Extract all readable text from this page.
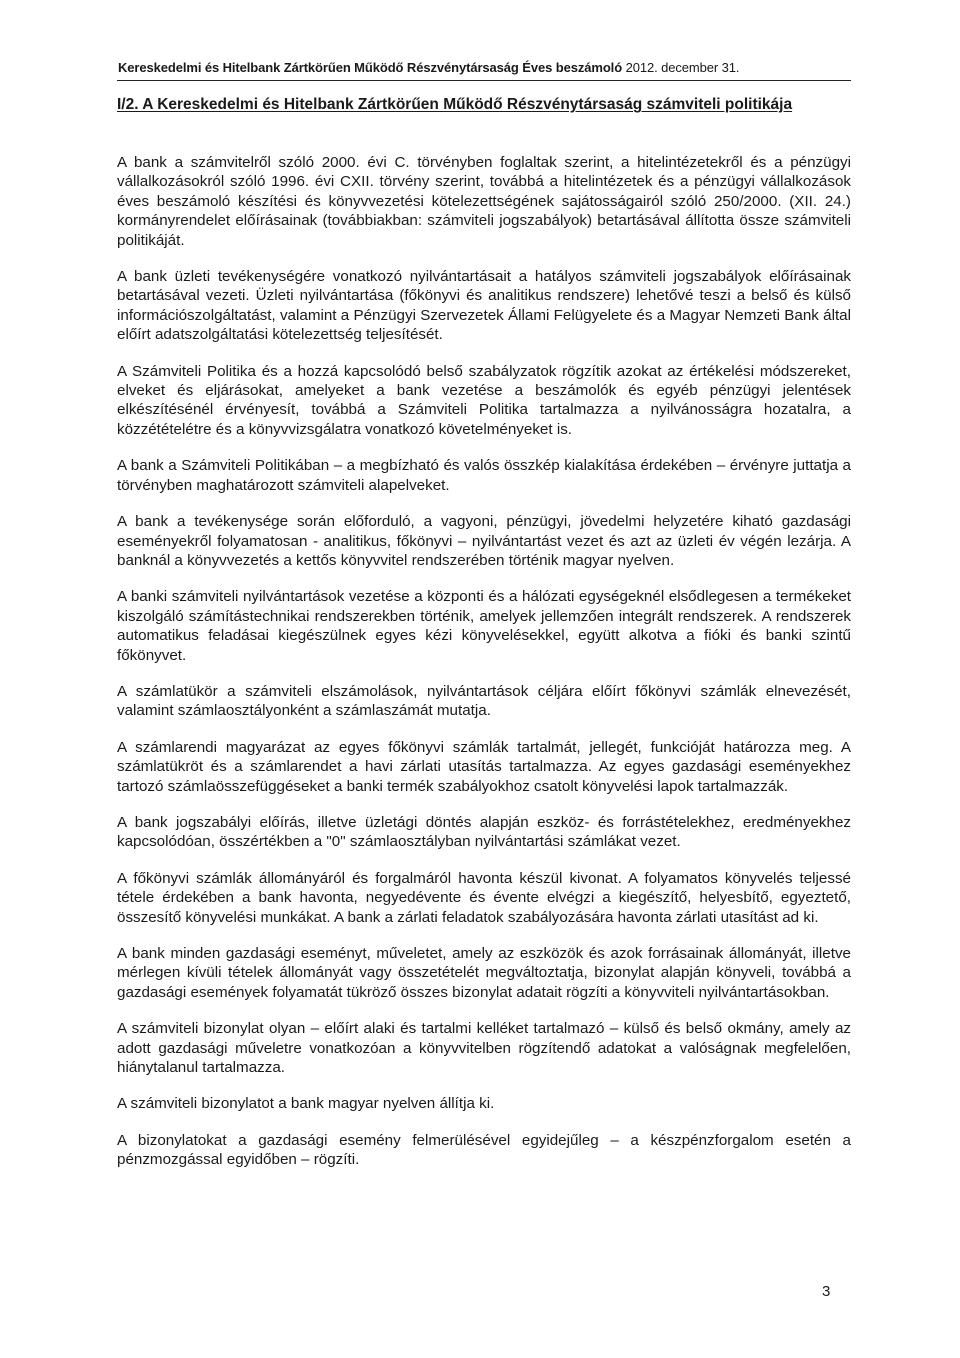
Kereskedelmi és Hitelbank Zártkörűen Működő Részvénytársaság Éves beszámoló 2012. december 31.
I/2. A Kereskedelmi és Hitelbank Zártkörűen Működő Részvénytársaság számviteli politikája

A bank a számvitelről szóló 2000. évi C. törvényben foglaltak szerint, a hitelintézetekről és a pénzügyi vállalkozásokról szóló 1996. évi CXII. törvény szerint, továbbá a hitelintézetek és a pénzügyi vállalkozások éves beszámoló készítési és könyvvezetési kötelezettségének sajátosságairól szóló 250/2000. (XII. 24.) kormányrendelet előírásainak (továbbiakban: számviteli jogszabályok) betartásával állította össze számviteli politikáját.

A bank üzleti tevékenységére vonatkozó nyilvántartásait a hatályos számviteli jogszabályok előírásainak betartásával vezeti. Üzleti nyilvántartása (főkönyvi és analitikus rendszere) lehetővé teszi a belső és külső információszolgáltatást, valamint a Pénzügyi Szervezetek Állami Felügyelete és a Magyar Nemzeti Bank által előírt adatszolgáltatási kötelezettség teljesítését.

A Számviteli Politika és a hozzá kapcsolódó belső szabályzatok rögzítik azokat az értékelési módszereket, elveket és eljárásokat, amelyeket a bank vezetése a beszámolók és egyéb pénzügyi jelentések elkészítésénél érvényesít, továbbá a Számviteli Politika tartalmazza a nyilvánosságra hozatalra, a közzétételétre és a könyvvizsgálatra vonatkozó követelményeket is.

A bank a Számviteli Politikában – a megbízható és valós összkép kialakítása érdekében – érvényre juttatja a törvényben maghatározott számviteli alapelveket.

A bank a tevékenysége során előforduló, a vagyoni, pénzügyi, jövedelmi helyzetére kiható gazdasági eseményekről folyamatosan - analitikus, főkönyvi – nyilvántartást vezet és azt az üzleti év végén lezárja. A banknál a könyvvezetés a kettős könyvvitel rendszerében történik magyar nyelven.

A banki számviteli nyilvántartások vezetése a központi és a hálózati egységeknél elsődlegesen a termékeket kiszolgáló számítástechnikai rendszerekben történik, amelyek jellemzően integrált rendszerek. A rendszerek automatikus feladásai kiegészülnek egyes kézi könyvelésekkel, együtt alkotva a fióki és banki szintű főkönyvet.

A számlatükör a számviteli elszámolások, nyilvántartások céljára előírt főkönyvi számlák elnevezését, valamint számlaosztályonként a számlaszámát mutatja.

A számlarendi magyarázat az egyes főkönyvi számlák tartalmát, jellegét, funkcióját határozza meg. A számlatükröt és a számlarendet a havi zárlati utasítás tartalmazza. Az egyes gazdasági eseményekhez tartozó számlaösszefüggéseket a banki termék szabályokhoz csatolt könyvelési lapok tartalmazzák.

A bank jogszabályi előírás, illetve üzletági döntés alapján eszköz- és forrástételekhez, eredményekhez kapcsolódóan, összértékben a "0" számlaosztályban nyilvántartási számlákat vezet.

A főkönyvi számlák állományáról és forgalmáról havonta készül kivonat. A folyamatos könyvelés teljessé tétele érdekében a bank havonta, negyedévente és évente elvégzi a kiegészítő, helyesbítő, egyeztető, összesítő könyvelési munkákat. A bank a zárlati feladatok szabályozására havonta zárlati utasítást ad ki.

A bank minden gazdasági eseményt, műveletet, amely az eszközök és azok forrásainak állományát, illetve mérlegen kívüli tételek állományát vagy összetételét megváltoztatja, bizonylat alapján könyveli, továbbá a gazdasági események folyamatát tükröző összes bizonylat adatait rögzíti a könyvviteli nyilvántartásokban.

A számviteli bizonylat olyan – előírt alaki és tartalmi kelléket tartalmazó – külső és belső okmány, amely az adott gazdasági műveletre vonatkozóan a könyvvitelben rögzítendő adatokat a valóságnak megfelelően, hiánytalanul tartalmazza.

A számviteli bizonylatot a bank magyar nyelven állítja ki.

A bizonylatokat a gazdasági esemény felmerülésével egyidejűleg – a készpénzforgalom esetén a pénzmozgással egyidőben – rögzíti.

3
